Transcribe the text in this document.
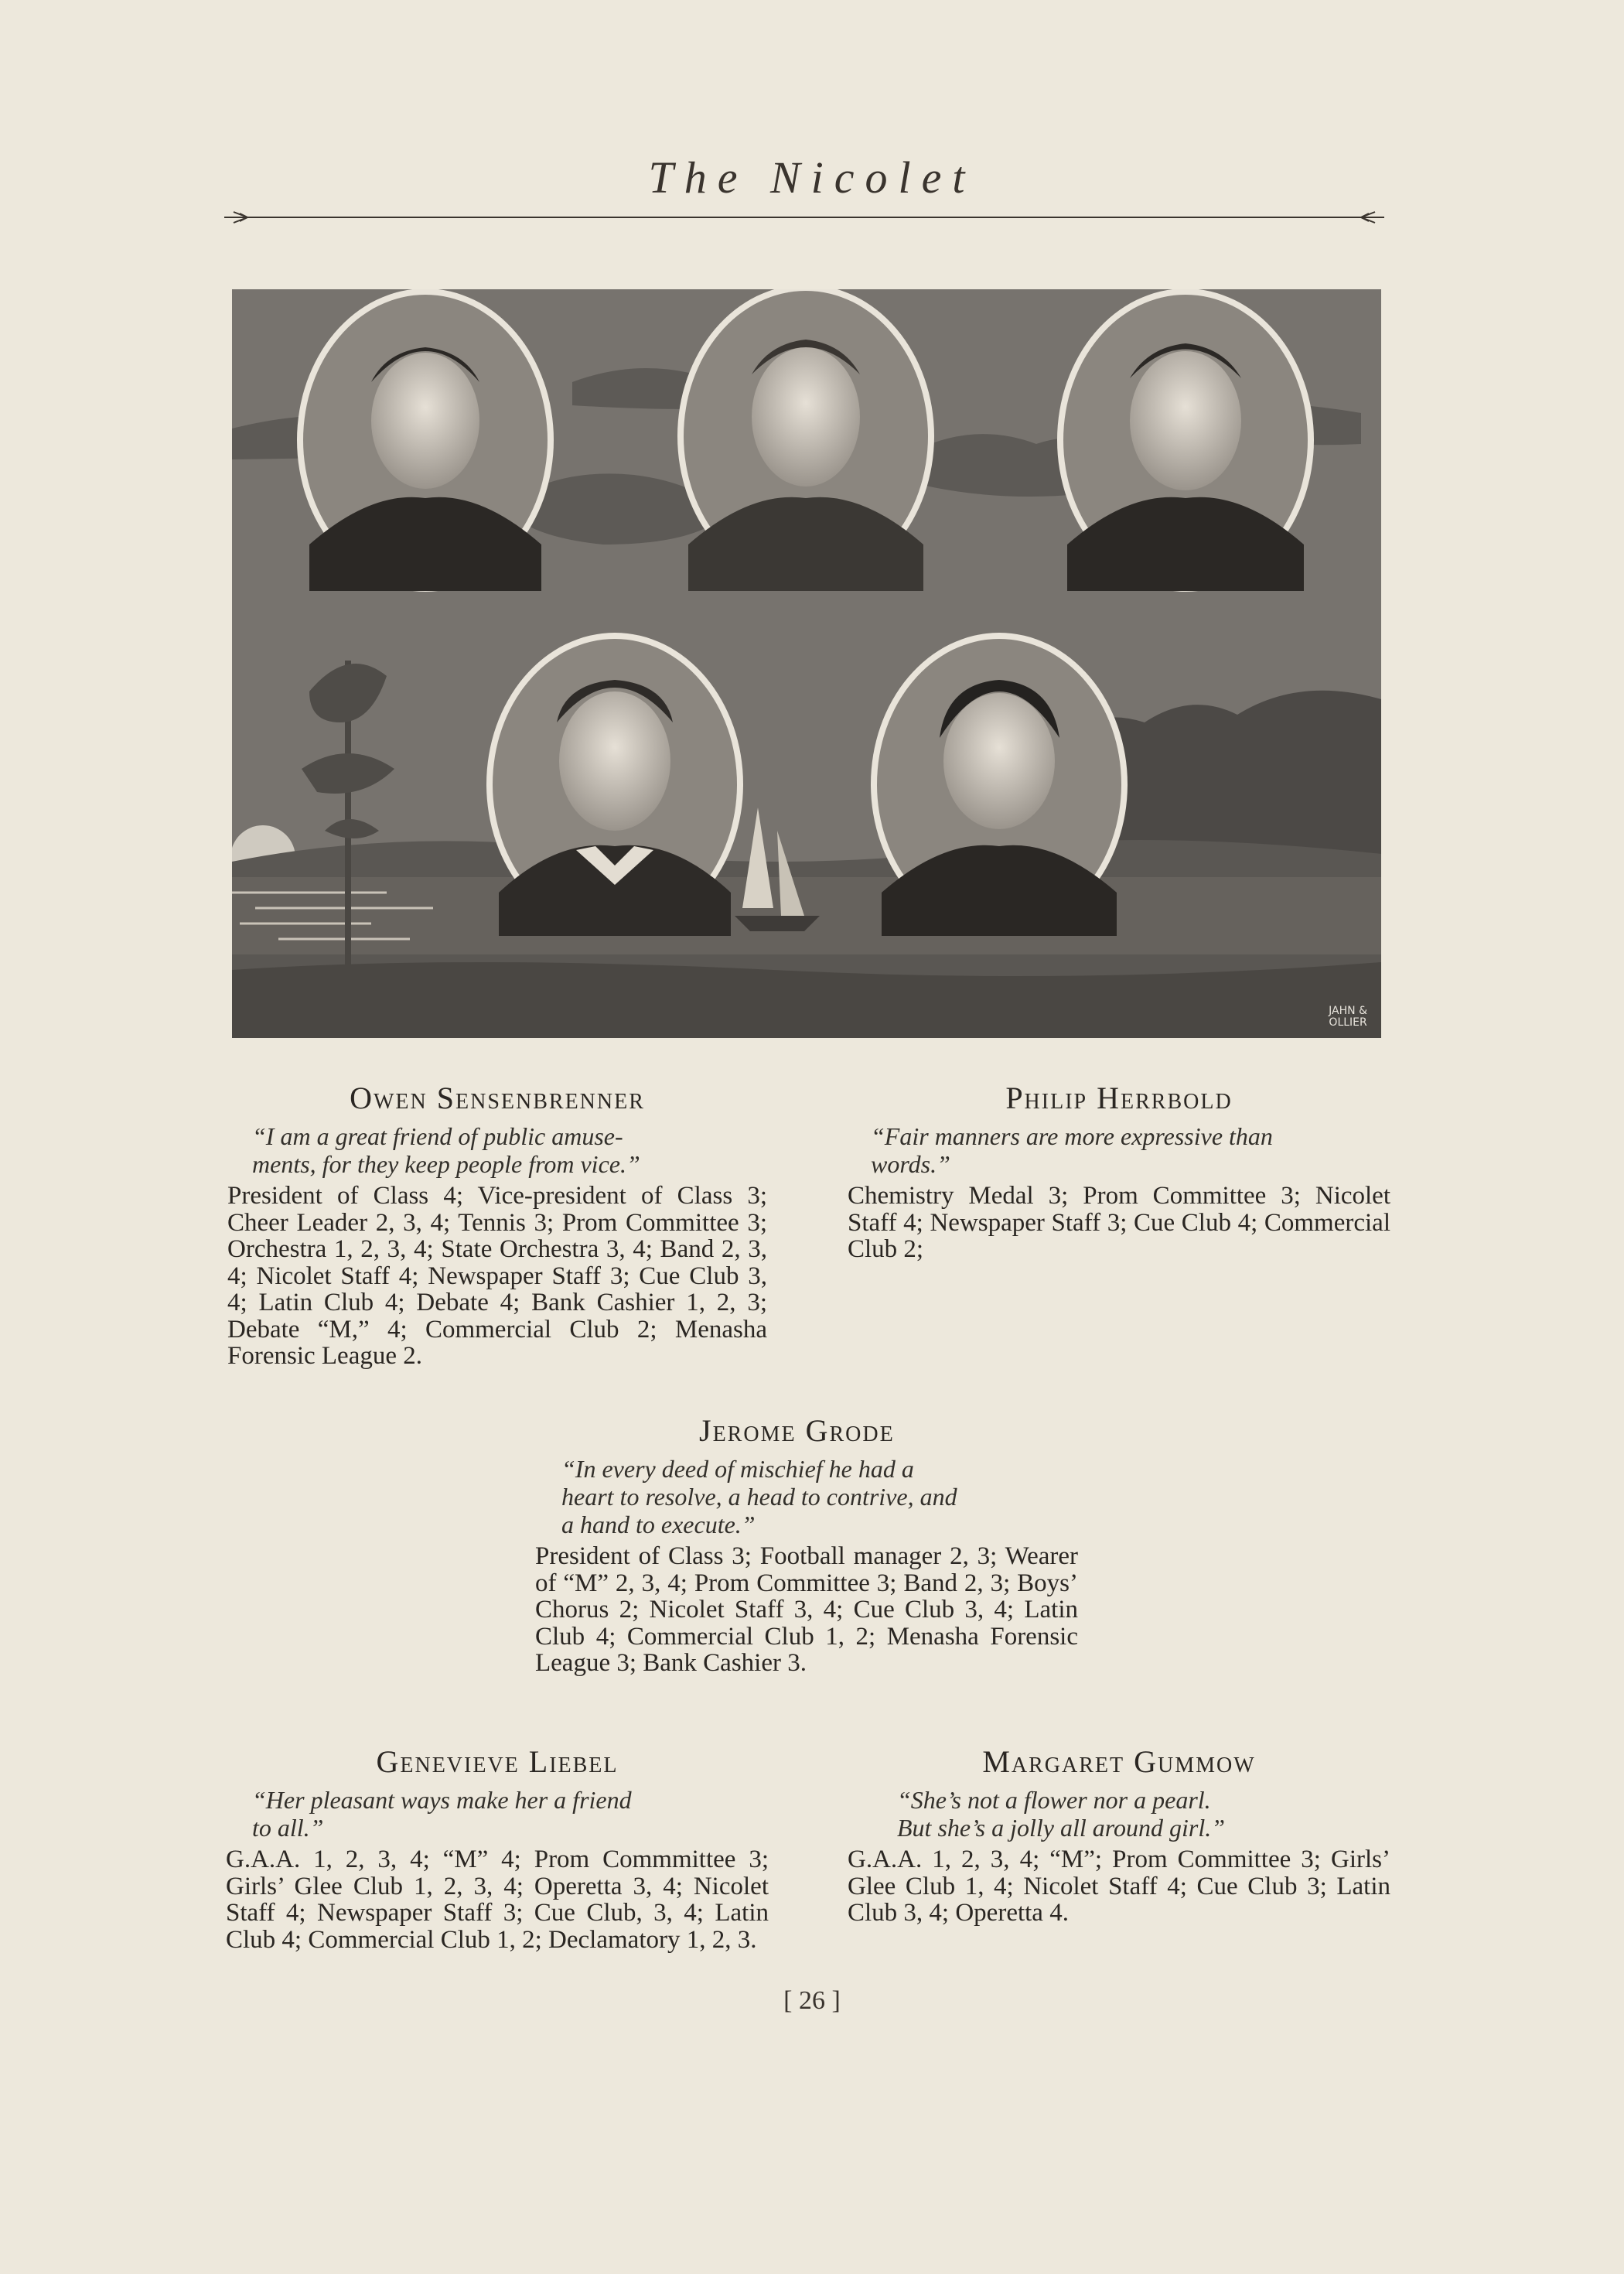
The Nicolet
JAHN &
OLLIER

Owen Sensenbrenner

“I am a great friend of public amuse-
ments, for they keep people from vice.”

President of Class 4; Vice-president of Class 3; Cheer Leader 2, 3, 4; Tennis 3; Prom Committee 3; Orchestra 1, 2, 3, 4; State Orchestra 3, 4; Band 2, 3, 4; Nicolet Staff 4; Newspaper Staff 3; Cue Club 3, 4; Latin Club 4; Debate 4; Bank Cashier 1, 2, 3; Debate “M,” 4; Commercial Club 2; Menasha Forensic League 2.

Philip Herrbold

“Fair manners are more expressive than
words.”

Chemistry Medal 3; Prom Committee 3; Nicolet Staff 4; Newspaper Staff 3; Cue Club 4; Commercial Club 2;

Jerome Grode

“In every deed of mischief he had a
heart to resolve, a head to contrive, and
a hand to execute.”

President of Class 3; Football manager 2, 3; Wearer of “M” 2, 3, 4; Prom Committee 3; Band 2, 3; Boys’ Chorus 2; Nicolet Staff 3, 4; Cue Club 3, 4; Latin Club 4; Commercial Club 1, 2; Menasha Forensic League 3; Bank Cashier 3.

Genevieve Liebel

“Her pleasant ways make her a friend
to all.”

G.A.A. 1, 2, 3, 4; “M” 4; Prom Commmittee 3; Girls’ Glee Club 1, 2, 3, 4; Operetta 3, 4; Nicolet Staff 4; Newspaper Staff 3; Cue Club, 3, 4; Latin Club 4; Commercial Club 1, 2; Declamatory 1, 2, 3.

Margaret Gummow

“She’s not a flower nor a pearl.
But she’s a jolly all around girl.”

G.A.A. 1, 2, 3, 4; “M”; Prom Committee 3; Girls’ Glee Club 1, 4; Nicolet Staff 4; Cue Club 3; Latin Club 3, 4; Operetta 4.

[ 26 ]
